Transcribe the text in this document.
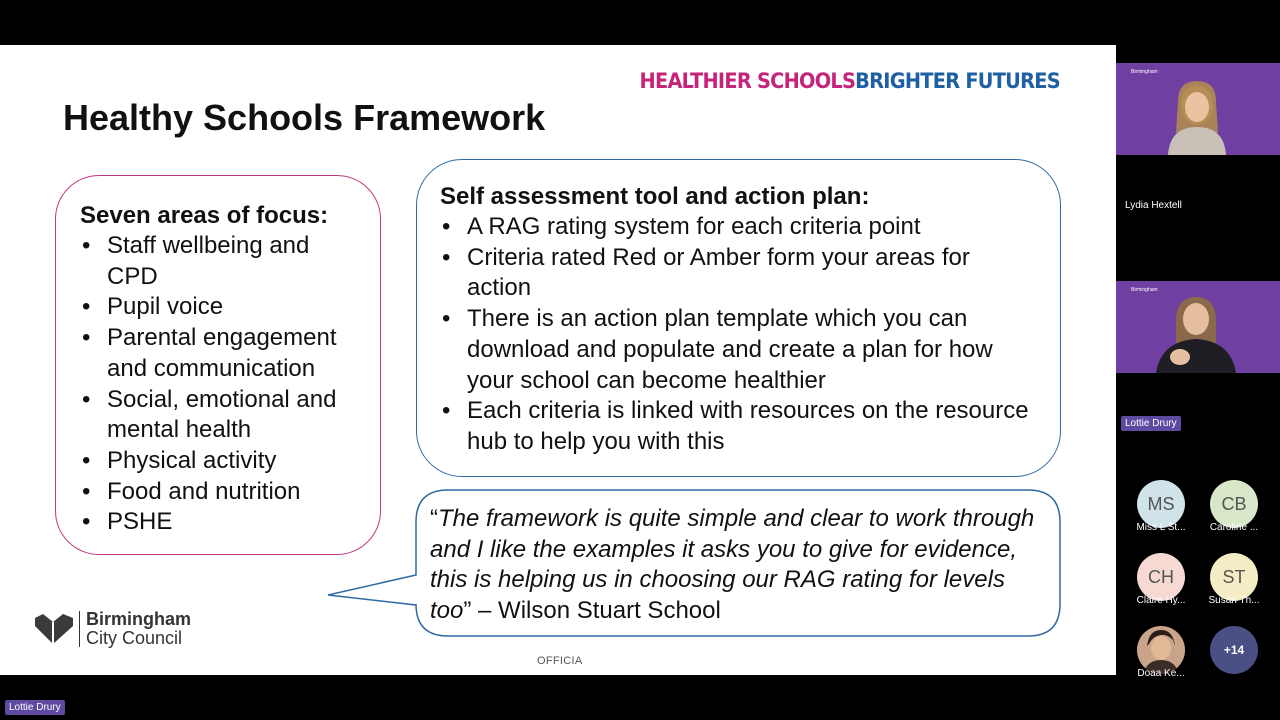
HEALTHIER SCHOOLSBRIGHTER FUTURES
Healthy Schools Framework
Seven areas of focus:
• Staff wellbeing and CPD
• Pupil voice
• Parental engagement and communication
• Social, emotional and mental health
• Physical activity
• Food and nutrition
• PSHE
Self assessment tool and action plan:
• A RAG rating system for each criteria point
• Criteria rated Red or Amber form your areas for action
• There is an action plan template which you can download and populate and create a plan for how your school can become healthier
• Each criteria is linked with resources on the resource hub to help you with this
“The framework is quite simple and clear to work through and I like the examples it asks you to give for evidence, this is helping us in choosing our RAG rating for levels too” – Wilson Stuart School
Birmingham
City Council
OFFICIA
Birmingham
Lydia Hextell
Birmingham
Lottie Drury
MS
Miss L St...
CB
Caroline ...
CH
Claire Hy...
ST
Susan Th...
Doaa Ke...
+14
Lottie Drury
